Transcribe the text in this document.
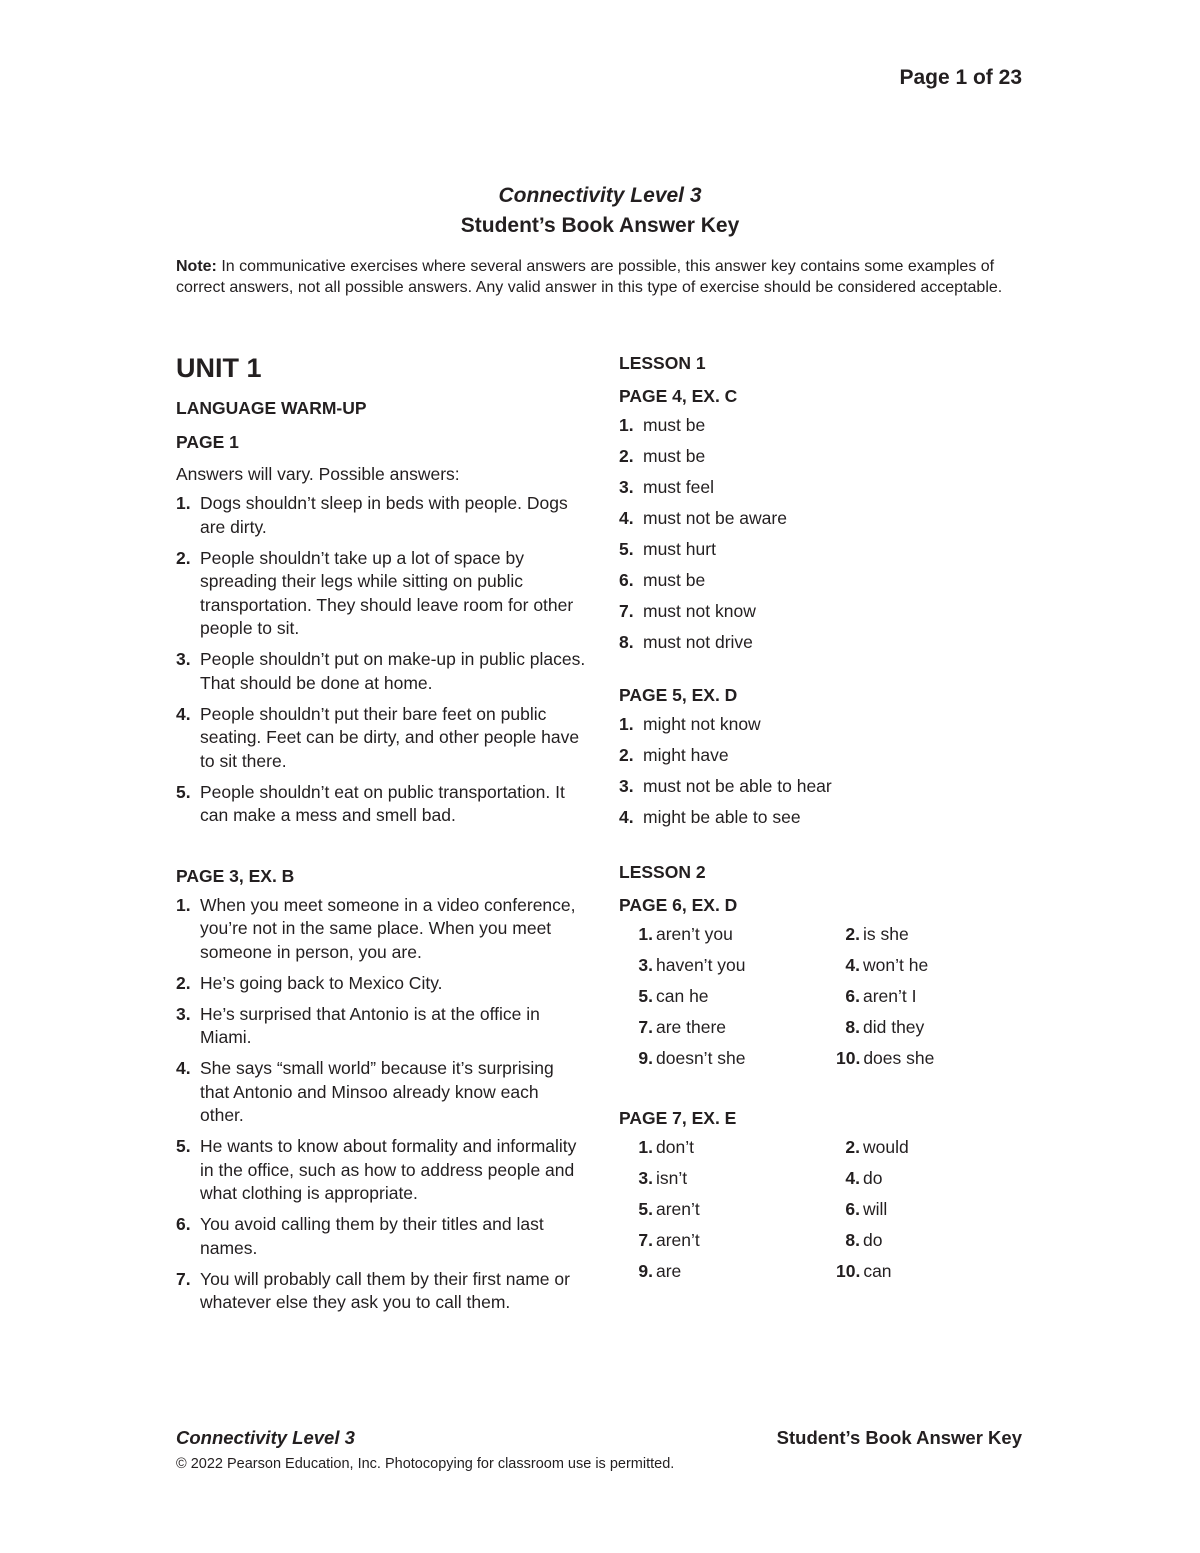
Page 1 of 23
Connectivity Level 3
Student’s Book Answer Key
Note: In communicative exercises where several answers are possible, this answer key contains some examples of correct answers, not all possible answers. Any valid answer in this type of exercise should be considered acceptable.
UNIT 1
LANGUAGE WARM-UP
PAGE 1
Answers will vary. Possible answers:
1. Dogs shouldn’t sleep in beds with people. Dogs are dirty.
2. People shouldn’t take up a lot of space by spreading their legs while sitting on public transportation. They should leave room for other people to sit.
3. People shouldn’t put on make-up in public places. That should be done at home.
4. People shouldn’t put their bare feet on public seating. Feet can be dirty, and other people have to sit there.
5. People shouldn’t eat on public transportation. It can make a mess and smell bad.
PAGE 3, EX. B
1. When you meet someone in a video conference, you’re not in the same place. When you meet someone in person, you are.
2. He’s going back to Mexico City.
3. He’s surprised that Antonio is at the office in Miami.
4. She says “small world” because it’s surprising that Antonio and Minsoo already know each other.
5. He wants to know about formality and informality in the office, such as how to address people and what clothing is appropriate.
6. You avoid calling them by their titles and last names.
7. You will probably call them by their first name or whatever else they ask you to call them.
LESSON 1
PAGE 4, EX. C
1. must be
2. must be
3. must feel
4. must not be aware
5. must hurt
6. must be
7. must not know
8. must not drive
PAGE 5, EX. D
1. might not know
2. might have
3. must not be able to hear
4. might be able to see
LESSON 2
PAGE 6, EX. D
1. aren’t you	2. is she
3. haven’t you	4. won’t he
5. can he	6. aren’t I
7. are there	8. did they
9. doesn’t she	10. does she
PAGE 7, EX. E
1. don’t	2. would
3. isn’t	4. do
5. aren’t	6. will
7. aren’t	8. do
9. are	10. can
Connectivity Level 3	Student’s Book Answer Key
© 2022 Pearson Education, Inc. Photocopying for classroom use is permitted.
